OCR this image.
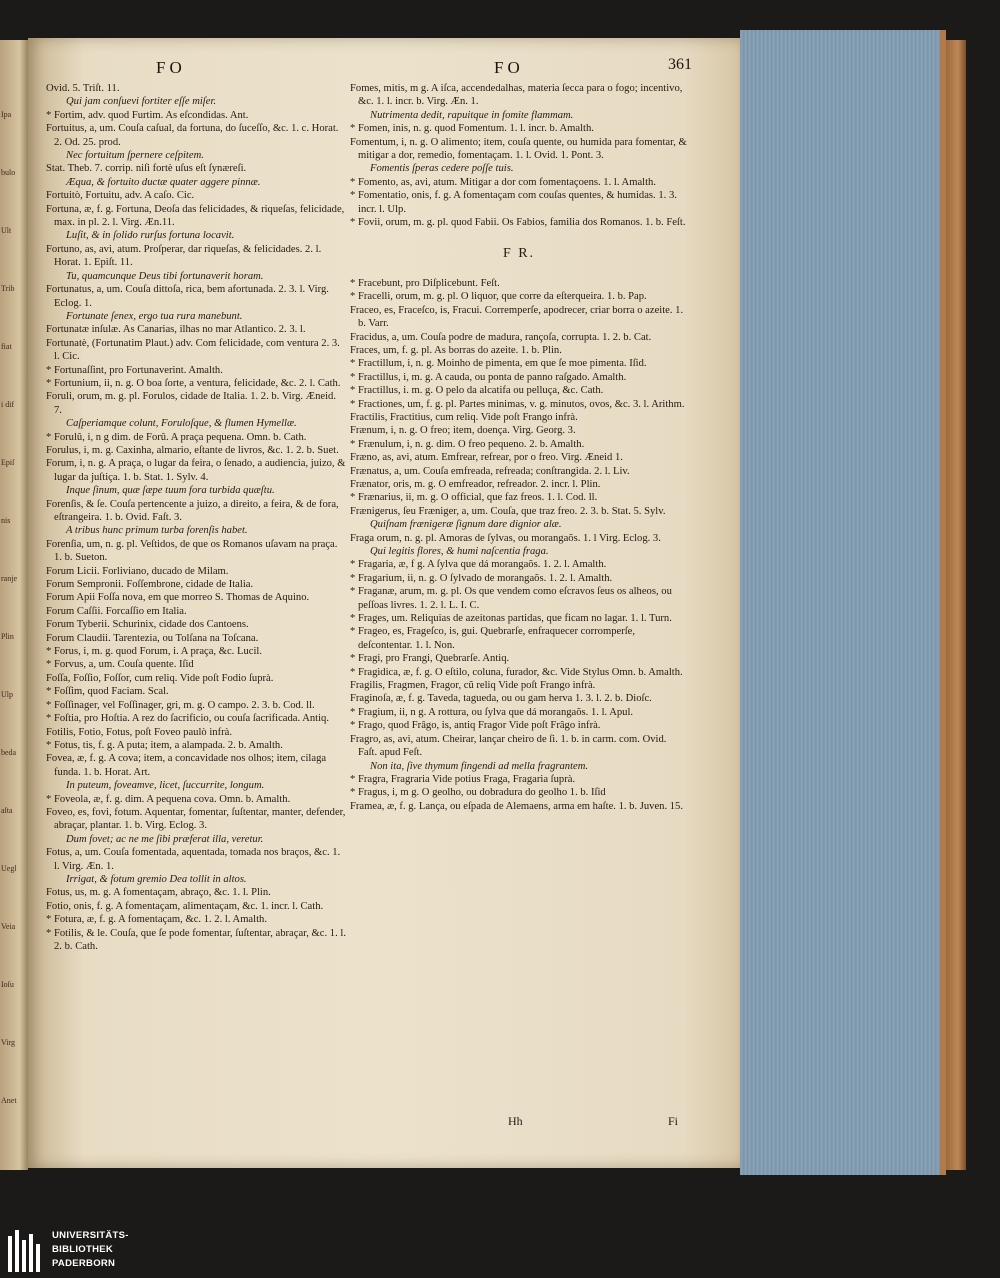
Ipa
bulo
Ult
Trib
fiat
i dif
Epiſ
nis
ranje
Plin
Ulp
beda
aſta
Uegl
Veia
Ioſu
Virg
Anet
FO	FO	361
Ovid. 5. Triſt. 11.
Qui jam conſuevi fortiter eſſe miſer.
* Fortim, adv. quod Furtim. As eſcondidas. Ant.
Fortuitus, a, um. Couſa caſual, da fortuna, do ſuceſſo, &c. 1. c. Horat. 2. Od. 25. prod.
Nec fortuitum ſpernere ceſpitem.
Stat. Theb. 7. corrip. niſi fortè uſus eſt ſynæreſi.
Æqua, & fortuito ductæ quater aggere pinnæ.
Fortuitò, Fortuitu, adv. A caſo. Cic.
Fortuna, æ, f. g. Fortuna, Deoſa das felicidades, & riqueſas, felicidade, max. in pl. 2. l. Virg. Æn.11.
Luſit, & in ſolido rurſus fortuna locavit.
Fortuno, as, avi, atum. Proſperar, dar riqueſas, & felicidades. 2. l. Horat. 1. Epiſt. 11.
Tu, quamcunque Deus tibi fortunaverit horam.
Fortunatus, a, um. Couſa dittoſa, rica, bem afortunada. 2. 3. l. Virg. Eclog. 1.
Fortunate ſenex, ergo tua rura manebunt.
Fortunatæ inſulæ. As Canarias, ilhas no mar Atlantico. 2. 3. l.
Fortunatè, (Fortunatim Plaut.) adv. Com felicidade, com ventura 2. 3. l. Cic.
* Fortunaſſint, pro Fortunaverint. Amalth.
* Fortunium, ii, n. g. O boa ſorte, a ventura, felicidade, &c. 2. l. Cath.
Foruli, orum, m. g. pl. Forulos, cidade de Italia. 1. 2. b. Virg. Æneid. 7.
Caſperiamque colunt, Foruloſque, & flumen Hymellæ.
* Forulû, i, n g dim. de Forû. A praça pequena. Omn. b. Cath.
Forulus, i, m. g. Caxinha, almario, eſtante de livros, &c. 1. 2. b. Suet.
Forum, i, n. g. A praça, o lugar da feira, o ſenado, a audiencia, juizo, & lugar da juſtiça. 1. b. Stat. 1. Sylv. 4.
Inque ſinum, quæ ſæpe tuum fora turbida quæſtu.
Forenſis, & ſe. Couſa pertencente a juizo, a direito, a feira, & de fora, eſtrangeira. 1. b. Ovid. Faſt. 3.
A tribus hunc primum turba forenſis habet.
Forenſia, um, n. g. pl. Veſtidos, de que os Romanos uſavam na praça. 1. b. Sueton.
Forum Licii. Forliviano, ducado de Milam.
Forum Sempronii. Foſſembrone, cidade de Italia.
Forum Apii Foſſa nova, em que morreo S. Thomas de Aquino.
Forum Caſſii. Forcaſſio em Italia.
Forum Tyberii. Schurinix, cidade dos Cantoens.
Forum Claudii. Tarentezia, ou Tolſana na Toſcana.
* Forus, i, m. g. quod Forum, i. A praça, &c. Lucil.
* Forvus, a, um. Couſa quente. Iſid
Foſſa, Foſſio, Foſſor, cum reliq. Vide poſt Fodio ſuprà.
* Foſſim, quod Faciam. Scal.
* Foſſinager, vel Foſſinager, gri, m. g. O campo. 2. 3. b. Cod. ll.
* Foſtia, pro Hoſtia. A rez do ſacrificio, ou couſa ſacrificada. Antiq.
Fotilis, Fotio, Fotus, poſt Foveo paulò infrà.
* Fotus, tis, f. g. A puta; item, a alampada. 2. b. Amalth.
Fovea, æ, f. g. A cova; item, a concavidade nos olhos; item, cilaga funda. 1. b. Horat. Art.
In puteum, foveamve, licet, ſuccurrite, longum.
* Foveola, æ, f. g. dim. A pequena cova. Omn. b. Amalth.
Foveo, es, fovi, fotum. Aquentar, fomentar, ſuſtentar, manter, defender, abraçar, plantar. 1. b. Virg. Eclog. 3.
Dum fovet; ac ne me ſibi præferat illa, veretur.
Fotus, a, um. Couſa fomentada, aquentada, tomada nos braços, &c. 1. l. Virg. Æn. 1.
Irrigat, & fotum gremio Dea tollit in altos.
Fotus, us, m. g. A fomentaçam, abraço, &c. 1. l. Plin.
Fotio, onis, f. g. A fomentaçam, alimentaçam, &c. 1. incr. l. Cath.
* Fotura, æ, f. g. A fomentaçam, &c. 1. 2. l. Amalth.
* Fotilis, & le. Couſa, que ſe pode fomentar, ſuſtentar, abraçar, &c. 1. l. 2. b. Cath.
Fomes, mitis, m g. A iſca, accendedalhas, materia ſecca para o fogo; incentivo, &c. 1. l. incr. b. Virg. Æn. 1.
Nutrimenta dedit, rapuitque in fomite flammam.
* Fomen, inis, n. g. quod Fomentum. 1. l. incr. b. Amalth.
Fomentum, i, n. g. O alimento; item, couſa quente, ou humida para fomentar, & mitigar a dor, remedio, fomentaçam. 1. l. Ovid. 1. Pont. 3.
Fomentis ſperas cedere poſſe tuis.
* Fomento, as, avi, atum. Mitigar a dor com fomentaçoens. 1. l. Amalth.
* Fomentatio, onis, f. g. A fomentaçam com couſas quentes, & humidas. 1. 3. incr. l. Ulp.
* Fovii, orum, m. g. pl. quod Fabii. Os Fabios, familia dos Romanos. 1. b. Feſt.
F R.
* Fracebunt, pro Diſplicebunt. Feſt.
* Fracelli, orum, m. g. pl. O liquor, que corre da eſterqueira. 1. b. Pap.
Fraceo, es, Fraceſco, is, Fracui. Corremperſe, apodrecer, criar borra o azeite. 1. b. Varr.
Fracidus, a, um. Couſa podre de madura, rançoſa, corrupta. 1. 2. b. Cat.
Fraces, um, f. g. pl. As borras do azeite. 1. b. Plin.
* Fractillum, i, n. g. Moinho de pimenta, em que ſe moe pimenta. Iſid.
* Fractillus, i, m. g. A cauda, ou ponta de panno raſgado. Amalth.
* Fractillus, i. m. g. O pelo da alcatifa ou pelluça, &c. Cath.
* Fractiones, um, f. g. pl. Partes minimas, v. g. minutos, ovos, &c. 3. l. Arithm.
Fractilis, Fractitius, cum reliq. Vide poſt Frango infrà.
Frænum, i, n. g. O freo; item, doença. Virg. Georg. 3.
* Frænulum, i, n. g. dim. O freo pequeno. 2. b. Amalth.
Fræno, as, avi, atum. Emfrear, refrear, por o freo. Virg. Æneid 1.
Frænatus, a, um. Couſa emfreada, refreada; conſtrangida. 2. l. Liv.
Frænator, oris, m. g. O emfreador, refreador. 2. incr. l. Plin.
* Frænarius, ii, m. g. O official, que faz freos. 1. l. Cod. ll.
Frænigerus, ſeu Fræniger, a, um. Couſa, que traz freo. 2. 3. b. Stat. 5. Sylv.
Quiſnam frænigeræ ſignum dare dignior alæ.
Fraga orum, n. g. pl. Amoras de ſylvas, ou morangaõs. 1. l Virg. Eclog. 3.
Qui legitis flores, & humi naſcentia fraga.
* Fragaria, æ, f g. A ſylva que dá morangaõs. 1. 2. l. Amalth.
* Fragarium, ii, n. g. O ſylvado de morangaõs. 1. 2. l. Amalth.
* Fraganæ, arum, m. g. pl. Os que vendem como eſcravos ſeus os alheos, ou peſſoas livres. 1. 2. l. L. I. C.
* Frages, um. Reliquias de azeitonas partidas, que ficam no lagar. 1. l. Turn.
* Frageo, es, Frageſco, is, gui. Quebrarſe, enfraquecer corromperſe, deſcontentar. 1. l. Non.
* Fragi, pro Frangi, Quebrarſe. Antiq.
* Fragidica, æ, f. g. O eſtilo, coluna, furador, &c. Vide Stylus Omn. b. Amalth.
Fragilis, Fragmen, Fragor, cũ reliq Vide poſt Frango infrà.
Fraginoſa, æ, f. g. Taveda, tagueda, ou ou gam herva 1. 3. l. 2. b. Dioſc.
* Fragium, ii, n g. A rottura, ou ſylva que dá morangaõs. 1. l. Apul.
* Frago, quod Frâgo, is, antiq Fragor Vide poſt Frâgo infrà.
Fragro, as, avi, atum. Cheirar, lançar cheiro de ſi. 1. b. in carm. com. Ovid. Faſt. apud Feſt.
Non ita, ſive thymum fingendi ad mella fragrantem.
* Fragra, Fragraria Vide potius Fraga, Fragaria ſuprà.
* Fragus, i, m g. O geolho, ou dobradura do geolho 1. b. Iſid
Framea, æ, f. g. Lança, ou eſpada de Alemaens, arma em haſte. 1. b. Juven. 15.
Hh	Fi
UNIVERSITÄTS-
BIBLIOTHEK
PADERBORN
